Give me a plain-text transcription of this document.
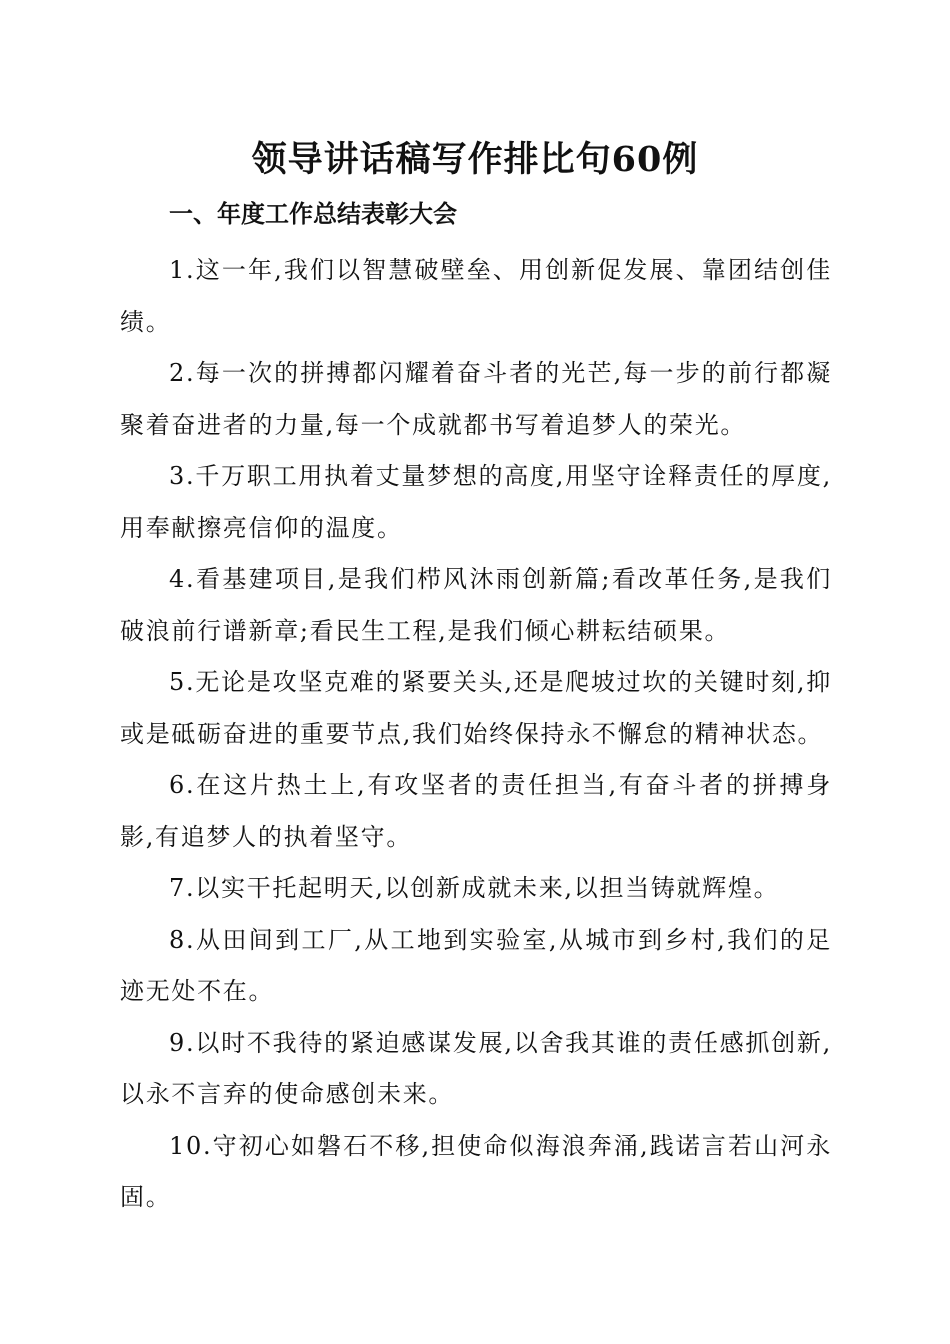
领导讲话稿写作排比句60例
一、年度工作总结表彰大会

1.这一年,我们以智慧破壁垒、用创新促发展、靠团结创佳绩。

2.每一次的拼搏都闪耀着奋斗者的光芒,每一步的前行都凝聚着奋进者的力量,每一个成就都书写着追梦人的荣光。

3.千万职工用执着丈量梦想的高度,用坚守诠释责任的厚度,用奉献擦亮信仰的温度。

4.看基建项目,是我们栉风沐雨创新篇;看改革任务,是我们破浪前行谱新章;看民生工程,是我们倾心耕耘结硕果。

5.无论是攻坚克难的紧要关头,还是爬坡过坎的关键时刻,抑或是砥砺奋进的重要节点,我们始终保持永不懈怠的精神状态。

6.在这片热土上,有攻坚者的责任担当,有奋斗者的拼搏身影,有追梦人的执着坚守。

7.以实干托起明天,以创新成就未来,以担当铸就辉煌。

8.从田间到工厂,从工地到实验室,从城市到乡村,我们的足迹无处不在。

9.以时不我待的紧迫感谋发展,以舍我其谁的责任感抓创新,以永不言弃的使命感创未来。

10.守初心如磐石不移,担使命似海浪奔涌,践诺言若山河永固。
